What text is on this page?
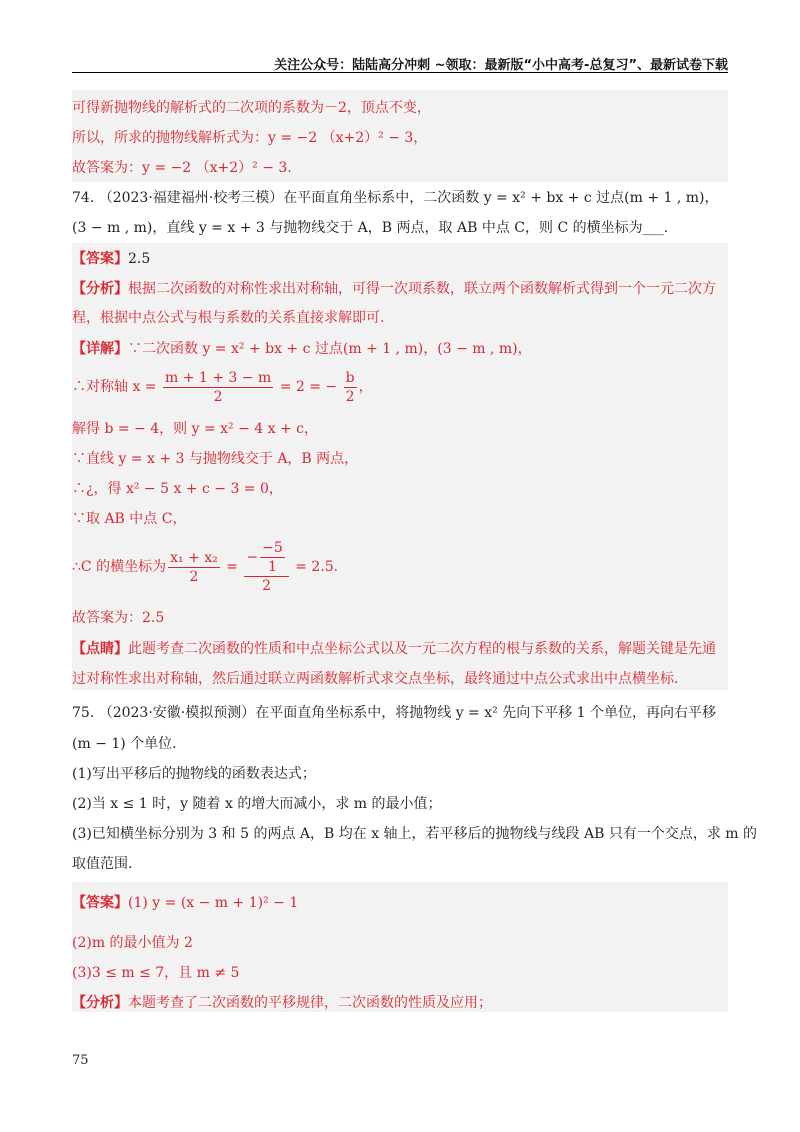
关注公众号：陆陆高分冲刺 ~领取：最新版“小中高考-总复习”、最新试卷下载
可得新抛物线的解析式的二次项的系数为－2，顶点不变，
所以，所求的抛物线解析式为：y = −2 （x+2）² − 3，
故答案为：y = −2 （x+2）² − 3.
74. （2023·福建福州·校考三模）在平面直角坐标系中，二次函数 y = x² + bx + c 过点(m + 1 , m)，
(3 − m , m)，直线 y = x + 3 与抛物线交于 A，B 两点，取 AB 中点 C，则 C 的横坐标为___.
【答案】2.5
【分析】根据二次函数的对称性求出对称轴，可得一次项系数，联立两个函数解析式得到一个一元二次方
程，根据中点公式与根与系数的关系直接求解即可.
【详解】∵二次函数 y = x² + bx + c 过点(m + 1 , m)，(3 − m , m)，
∴对称轴 $x = \frac{m + 1 + 3 - m}{2} = 2$ = − $\frac{b}{2}$ ，
解得 b = − 4，则 y = x² − 4 x + c，
∵直线 y = x + 3 与抛物线交于 A，B 两点，
∴¿，得 x² − 5 x + c − 3 = 0，
∵取 AB 中点 C，
∴C 的横坐标为 $\frac{\text{x₁ + x₂}}{2} = \frac{- \frac{-5}{1}}{2} = 2.5$.
故答案为：2.5
【点睛】此题考查二次函数的性质和中点坐标公式以及一元二次方程的根与系数的关系，解题关键是先通
过对称性求出对称轴，然后通过联立两函数解析式求交点坐标，最终通过中点公式求出中点横坐标.
75. （2023·安徽·模拟预测）在平面直角坐标系中，将抛物线 y = x² 先向下平移 1 个单位，再向右平移
(m − 1) 个单位.
(1)写出平移后的抛物线的函数表达式；
(2)当 x ≤ 1 时，y 随着 x 的增大而减小，求 m 的最小值；
(3)已知横坐标分别为 3 和 5 的两点 A，B 均在 x 轴上，若平移后的抛物线与线段 AB 只有一个交点，求 m 的
取值范围.
【答案】(1) y = (x − m + 1)² − 1
(2)m 的最小值为 2
(3)3 ≤ m ≤ 7，且 m ≠ 5
【分析】本题考查了二次函数的平移规律，二次函数的性质及应用；
75
